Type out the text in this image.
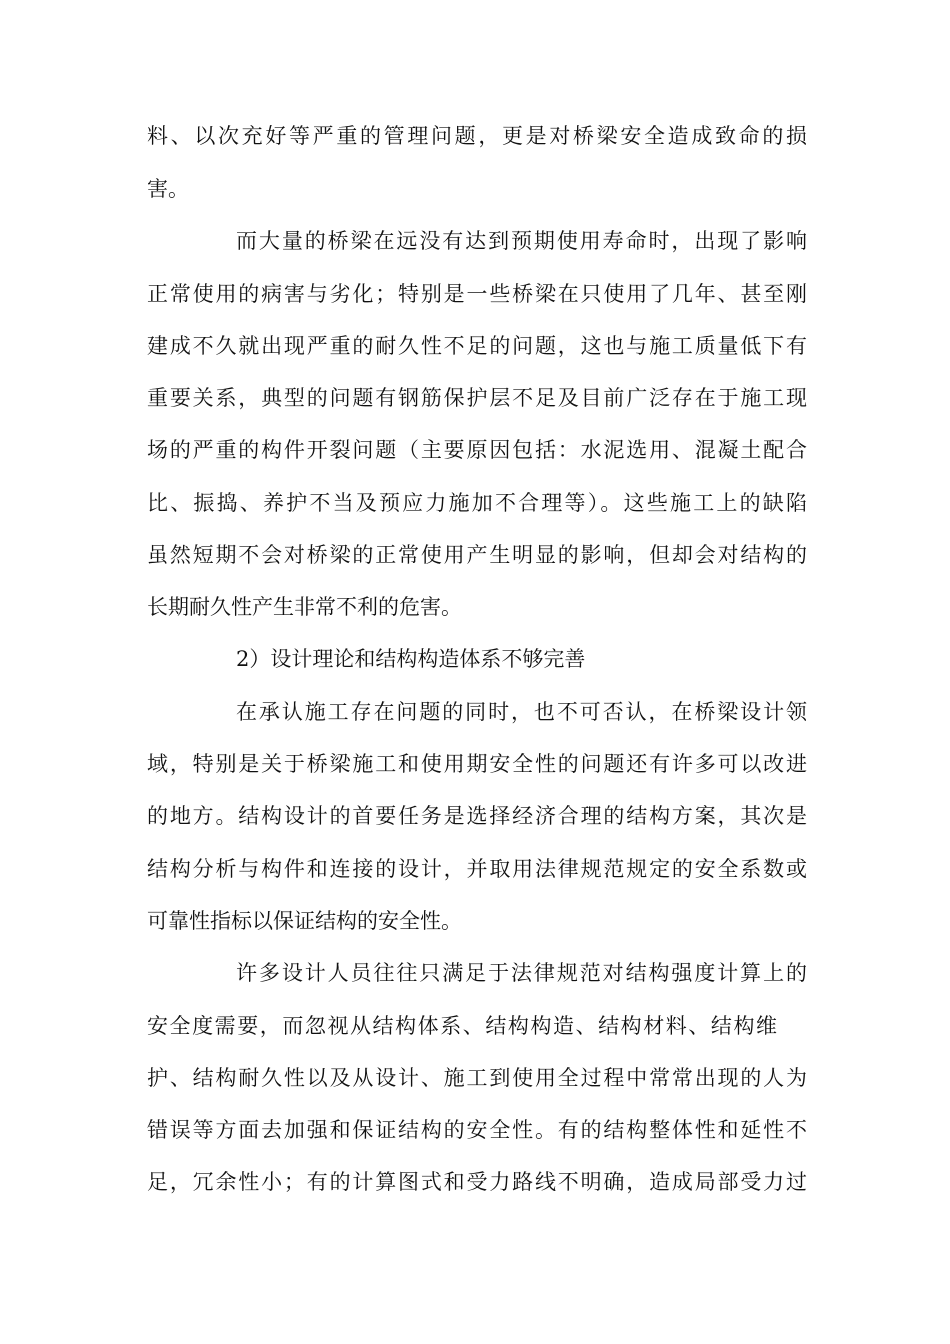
料、以次充好等严重的管理问题，更是对桥梁安全造成致命的损
害。
而大量的桥梁在远没有达到预期使用寿命时，出现了影响
正常使用的病害与劣化；特别是一些桥梁在只使用了几年、甚至刚
建成不久就出现严重的耐久性不足的问题，这也与施工质量低下有
重要关系，典型的问题有钢筋保护层不足及目前广泛存在于施工现
场的严重的构件开裂问题（主要原因包括：水泥选用、混凝土配合
比、振捣、养护不当及预应力施加不合理等）。这些施工上的缺陷
虽然短期不会对桥梁的正常使用产生明显的影响，但却会对结构的
长期耐久性产生非常不利的危害。
2）设计理论和结构构造体系不够完善
在承认施工存在问题的同时，也不可否认，在桥梁设计领
域，特别是关于桥梁施工和使用期安全性的问题还有许多可以改进
的地方。结构设计的首要任务是选择经济合理的结构方案，其次是
结构分析与构件和连接的设计，并取用法律规范规定的安全系数或
可靠性指标以保证结构的安全性。
许多设计人员往往只满足于法律规范对结构强度计算上的
安全度需要，而忽视从结构体系、结构构造、结构材料、结构维
护、结构耐久性以及从设计、施工到使用全过程中常常出现的人为
错误等方面去加强和保证结构的安全性。有的结构整体性和延性不
足，冗余性小；有的计算图式和受力路线不明确，造成局部受力过
